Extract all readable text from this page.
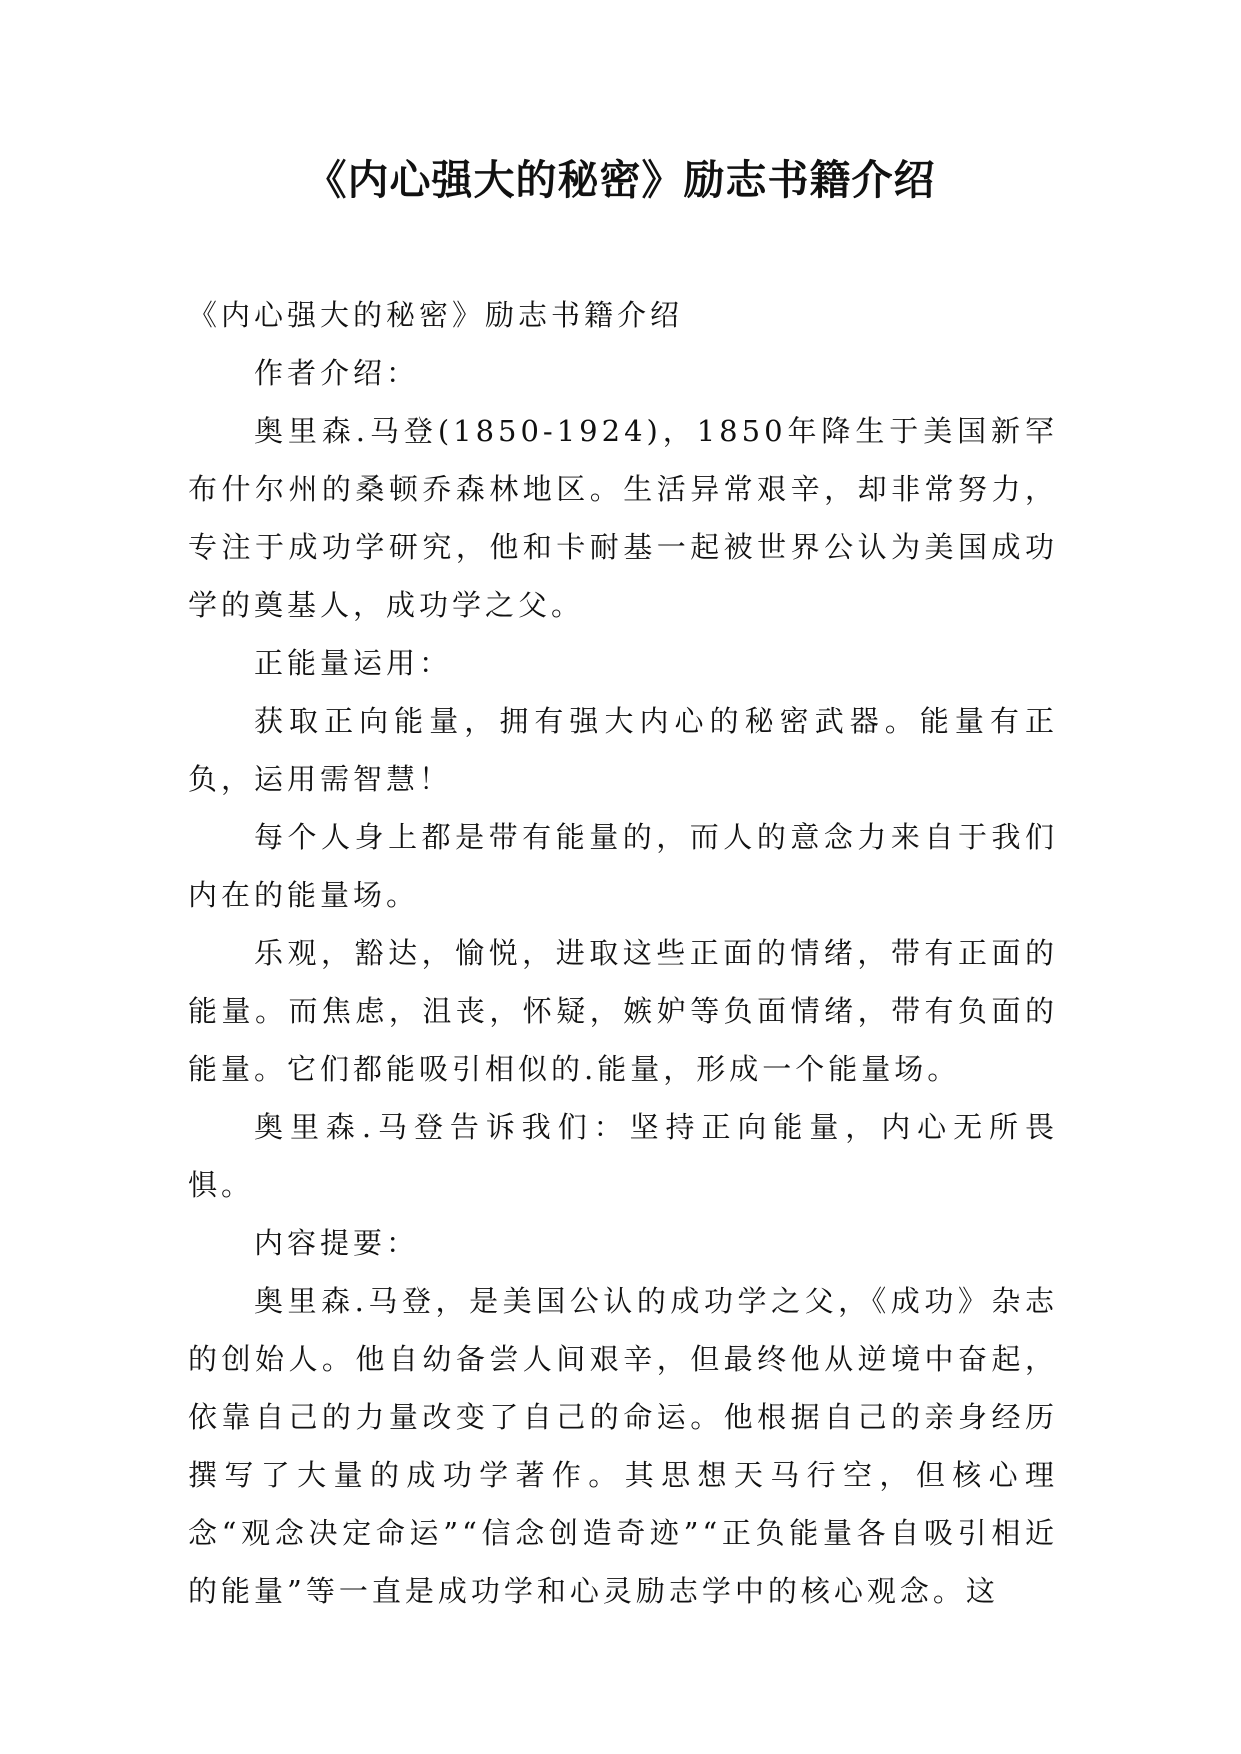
《内心强大的秘密》励志书籍介绍

《内心强大的秘密》励志书籍介绍

作者介绍：

奥里森.马登(1850-1924)，1850年降生于美国新罕布什尔州的桑顿乔森林地区。生活异常艰辛，却非常努力，专注于成功学研究，他和卡耐基一起被世界公认为美国成功学的奠基人，成功学之父。

正能量运用：

获取正向能量，拥有强大内心的秘密武器。能量有正负，运用需智慧！

每个人身上都是带有能量的，而人的意念力来自于我们内在的能量场。

乐观，豁达，愉悦，进取这些正面的情绪，带有正面的能量。而焦虑，沮丧，怀疑，嫉妒等负面情绪，带有负面的能量。它们都能吸引相似的.能量，形成一个能量场。

奥里森.马登告诉我们：坚持正向能量，内心无所畏惧。

内容提要：

奥里森.马登，是美国公认的成功学之父，《成功》杂志的创始人。他自幼备尝人间艰辛，但最终他从逆境中奋起，依靠自己的力量改变了自己的命运。他根据自己的亲身经历撰写了大量的成功学著作。其思想天马行空，但核心理念“观念决定命运”“信念创造奇迹”“正负能量各自吸引相近的能量”等一直是成功学和心灵励志学中的核心观念。这
